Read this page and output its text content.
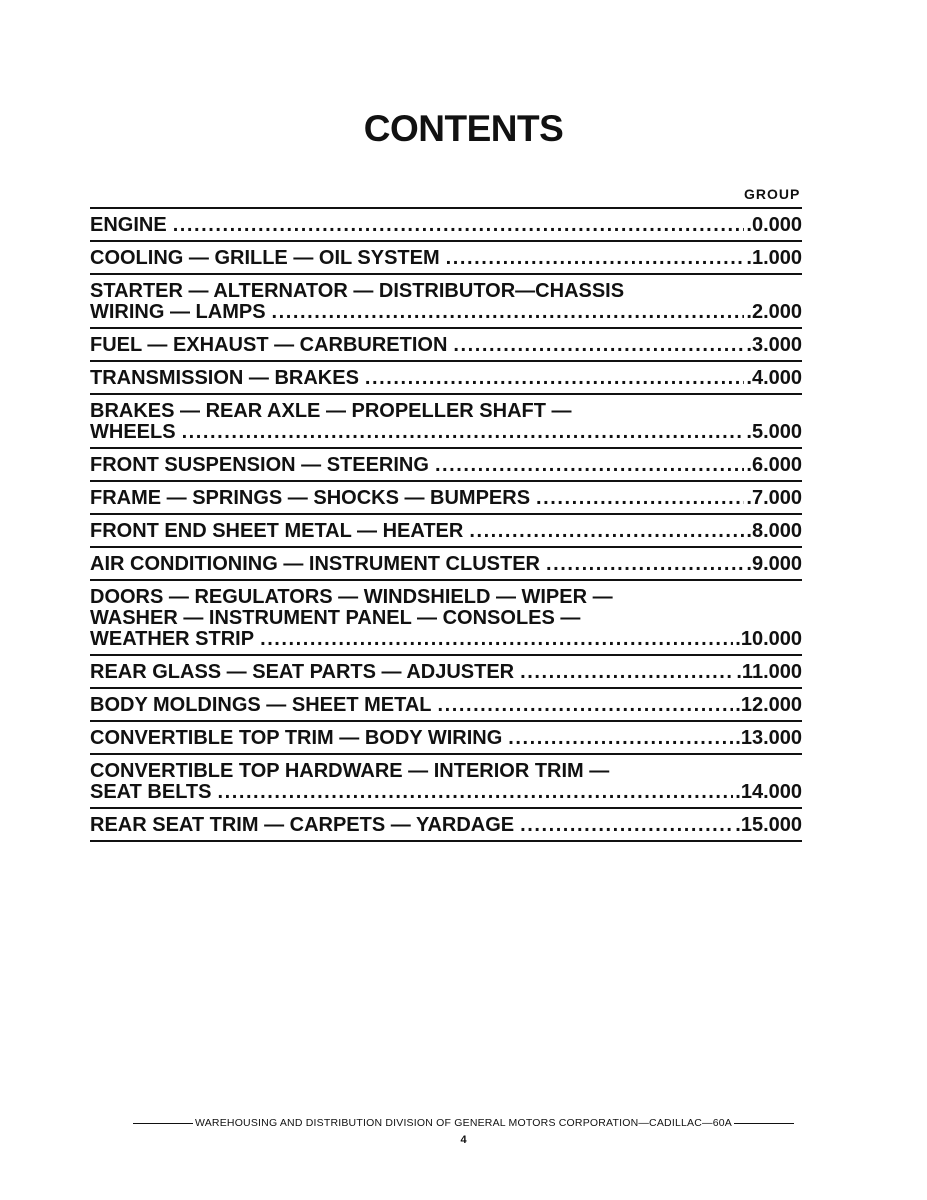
CONTENTS
GROUP
ENGINE . . .	.0.000
COOLING — GRILLE — OIL SYSTEM . . .	.1.000
STARTER — ALTERNATOR — DISTRIBUTOR—CHASSIS
WIRING — LAMPS . . .	.2.000
FUEL — EXHAUST — CARBURETION . . .	.3.000
TRANSMISSION — BRAKES . . .	.4.000
BRAKES — REAR AXLE — PROPELLER SHAFT —
WHEELS . . .	.5.000
FRONT SUSPENSION — STEERING . . .	.6.000
FRAME — SPRINGS — SHOCKS — BUMPERS . . .	.7.000
FRONT END SHEET METAL — HEATER . . .	.8.000
AIR CONDITIONING — INSTRUMENT CLUSTER . . .	.9.000
DOORS — REGULATORS — WINDSHIELD — WIPER —
WASHER — INSTRUMENT PANEL — CONSOLES —
WEATHER STRIP . . .	.10.000
REAR GLASS — SEAT PARTS — ADJUSTER . . .	.11.000
BODY MOLDINGS — SHEET METAL . . .	.12.000
CONVERTIBLE TOP TRIM — BODY WIRING . . .	.13.000
CONVERTIBLE TOP HARDWARE — INTERIOR TRIM —
SEAT BELTS . . .	.14.000
REAR SEAT TRIM — CARPETS — YARDAGE . . .	.15.000
WAREHOUSING AND DISTRIBUTION DIVISION OF GENERAL MOTORS CORPORATION—CADILLAC—60A
4
